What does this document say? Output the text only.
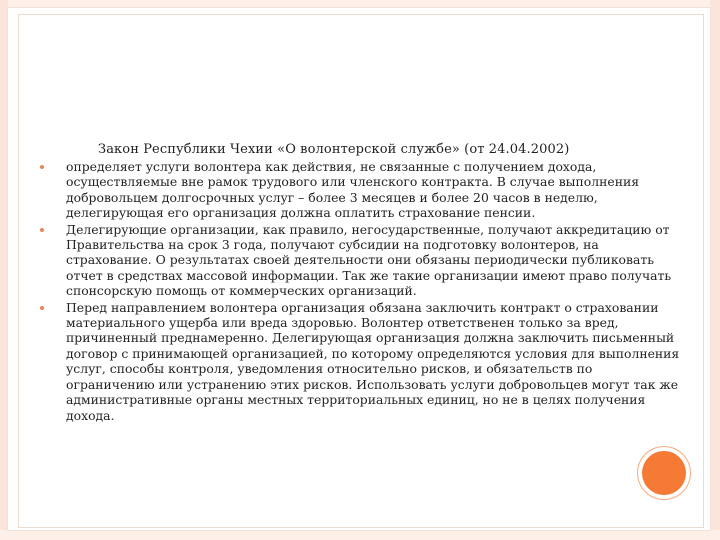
Закон Республики Чехии «О волонтерской службе» (от 24.04.2002)
определяет услуги волонтера как действия, не связанные с получением дохода, осуществляемые вне рамок трудового или членского контракта. В случае выполнения добровольцем долгосрочных услуг – более 3 месяцев и более 20 часов в неделю, делегирующая его организация должна оплатить страхование пенсии.
Делегирующие организации, как правило, негосударственные, получают аккредитацию от Правительства на срок 3 года, получают субсидии на подготовку волонтеров, на страхование. О результатах своей деятельности они обязаны периодически публиковать отчет в средствах массовой информации. Так же такие организации имеют право получать спонсорскую помощь от коммерческих организаций.
Перед направлением волонтера организация обязана заключить контракт о страховании материального ущерба или вреда здоровью. Волонтер ответственен только за вред, причиненный преднамеренно. Делегирующая организация должна заключить письменный договор с принимающей организацией, по которому определяются условия для выполнения услуг, способы контроля, уведомления относительно рисков, и обязательств по ограничению или устранению этих рисков. Использовать услуги добровольцев могут так же административные органы местных территориальных единиц, но не в целях получения дохода.
